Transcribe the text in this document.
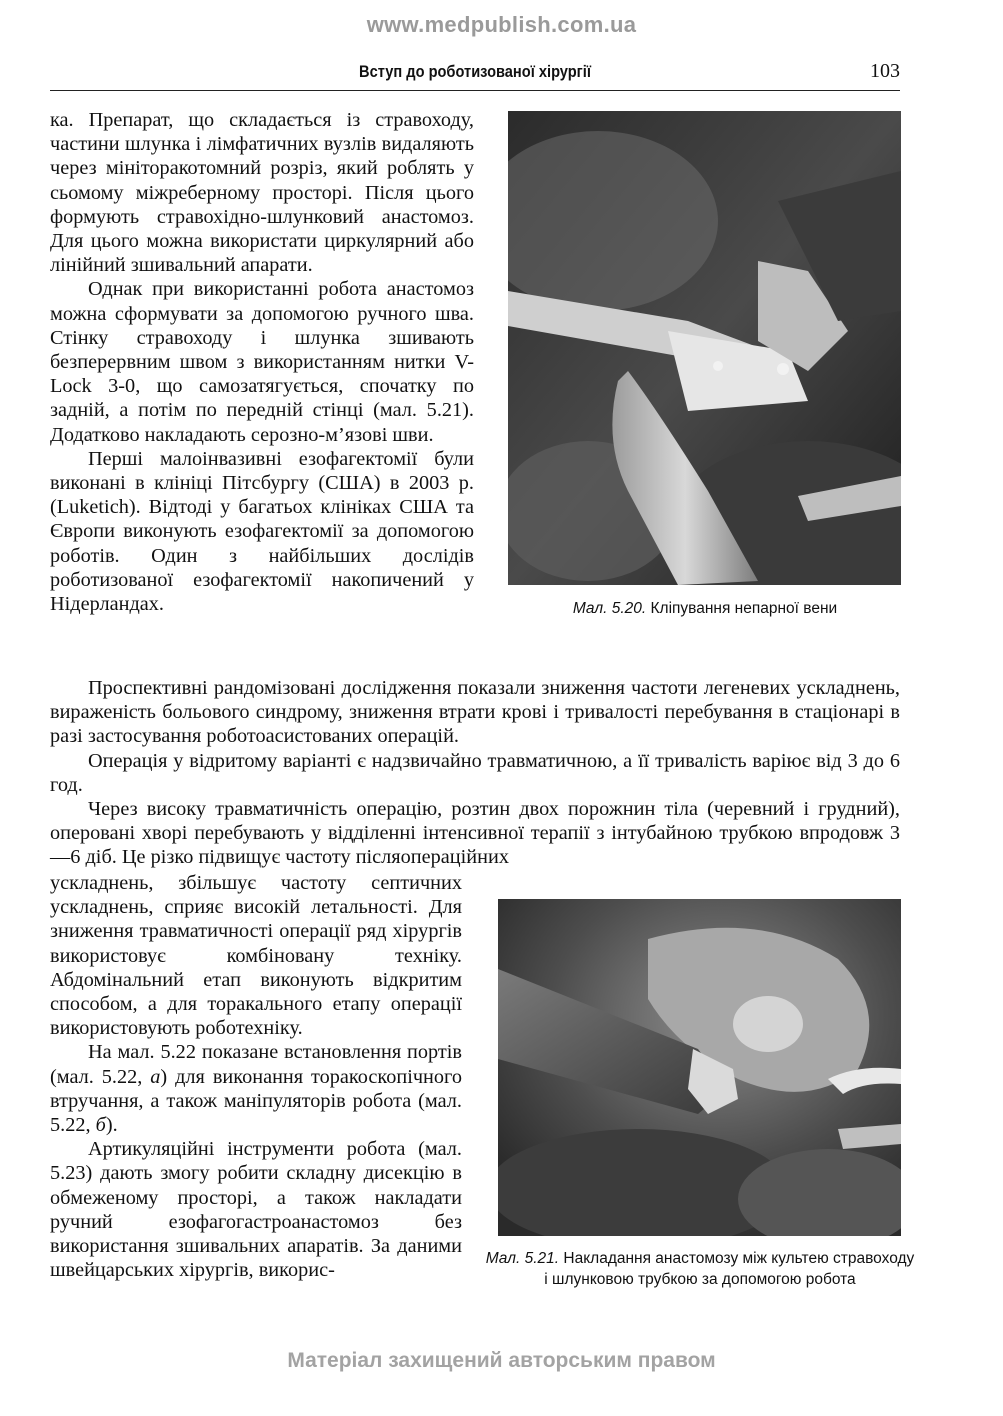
www.medpublish.com.ua
Вступ до роботизованої хірургії	103

ка. Препарат, що складається із стравоходу, частини шлунка і лімфатичних вузлів видаляють через мініторакотомний розріз, який роблять у сьомому міжреберному просторі. Після цього формують стравохідно-шлунковий анастомоз. Для цього можна використати циркулярний або лінійний зшивальний апарати.

Однак при використанні робота анастомоз можна сформувати за допомогою ручного шва. Стінку стравоходу і шлунка зшивають безперервним швом з використанням нитки V-Lock 3-0, що самозатягується, спочатку по задній, а потім по передній стінці (мал. 5.21). Додатково накладають серозно-м’язові шви.

Перші малоінвазивні езофагектомії були виконані в клініці Пітсбургу (США) в 2003 р. (Luketich). Відтоді у багатьох клініках США та Європи виконують езофагектомії за допомогою роботів. Один з найбільших дослідів роботизованої езофагектомії накопичений у Нідерландах.	Мал. 5.20. Кліпування непарної вени

Проспективні рандомізовані дослідження показали зниження частоти легеневих ускладнень, вираженість больового синдрому, зниження втрати крові і тривалості перебування в стаціонарі в разі застосування роботоасистованих операцій.

Операція у відритому варіанті є надзвичайно травматичною, а її тривалість варіює від 3 до 6 год.

Через високу травматичність операцію, розтин двох порожнин тіла (черевний і грудний), оперовані хворі перебувають у відділенні інтенсивної терапії з інтубайною трубкою впродовж 3—6 діб. Це різко підвищує частоту післяопераційних

ускладнень, збільшує частоту септичних ускладнень, сприяє високій летальності. Для зниження травматичності операції ряд хірургів використовує комбіновану техніку. Абдомінальний етап виконують відкритим способом, а для торакального етапу операції використовують роботехніку.

На мал. 5.22 показане встановлення портів (мал. 5.22, а) для виконання торакоскопічного втручання, а також маніпуляторів робота (мал. 5.22, б).

Артикуляційні інструменти робота (мал. 5.23) дають змогу робити складну дисекцію в обмеженому просторі, а також накладати ручний езофагогастроанастомоз без використання зшивальних апаратів. За даними швейцарських хірургів, викорис-

Мал. 5.21. Накладання анастомозу між культею стравоходу і шлунковою трубкою за допомогою робота
Матеріал захищений авторським правом
